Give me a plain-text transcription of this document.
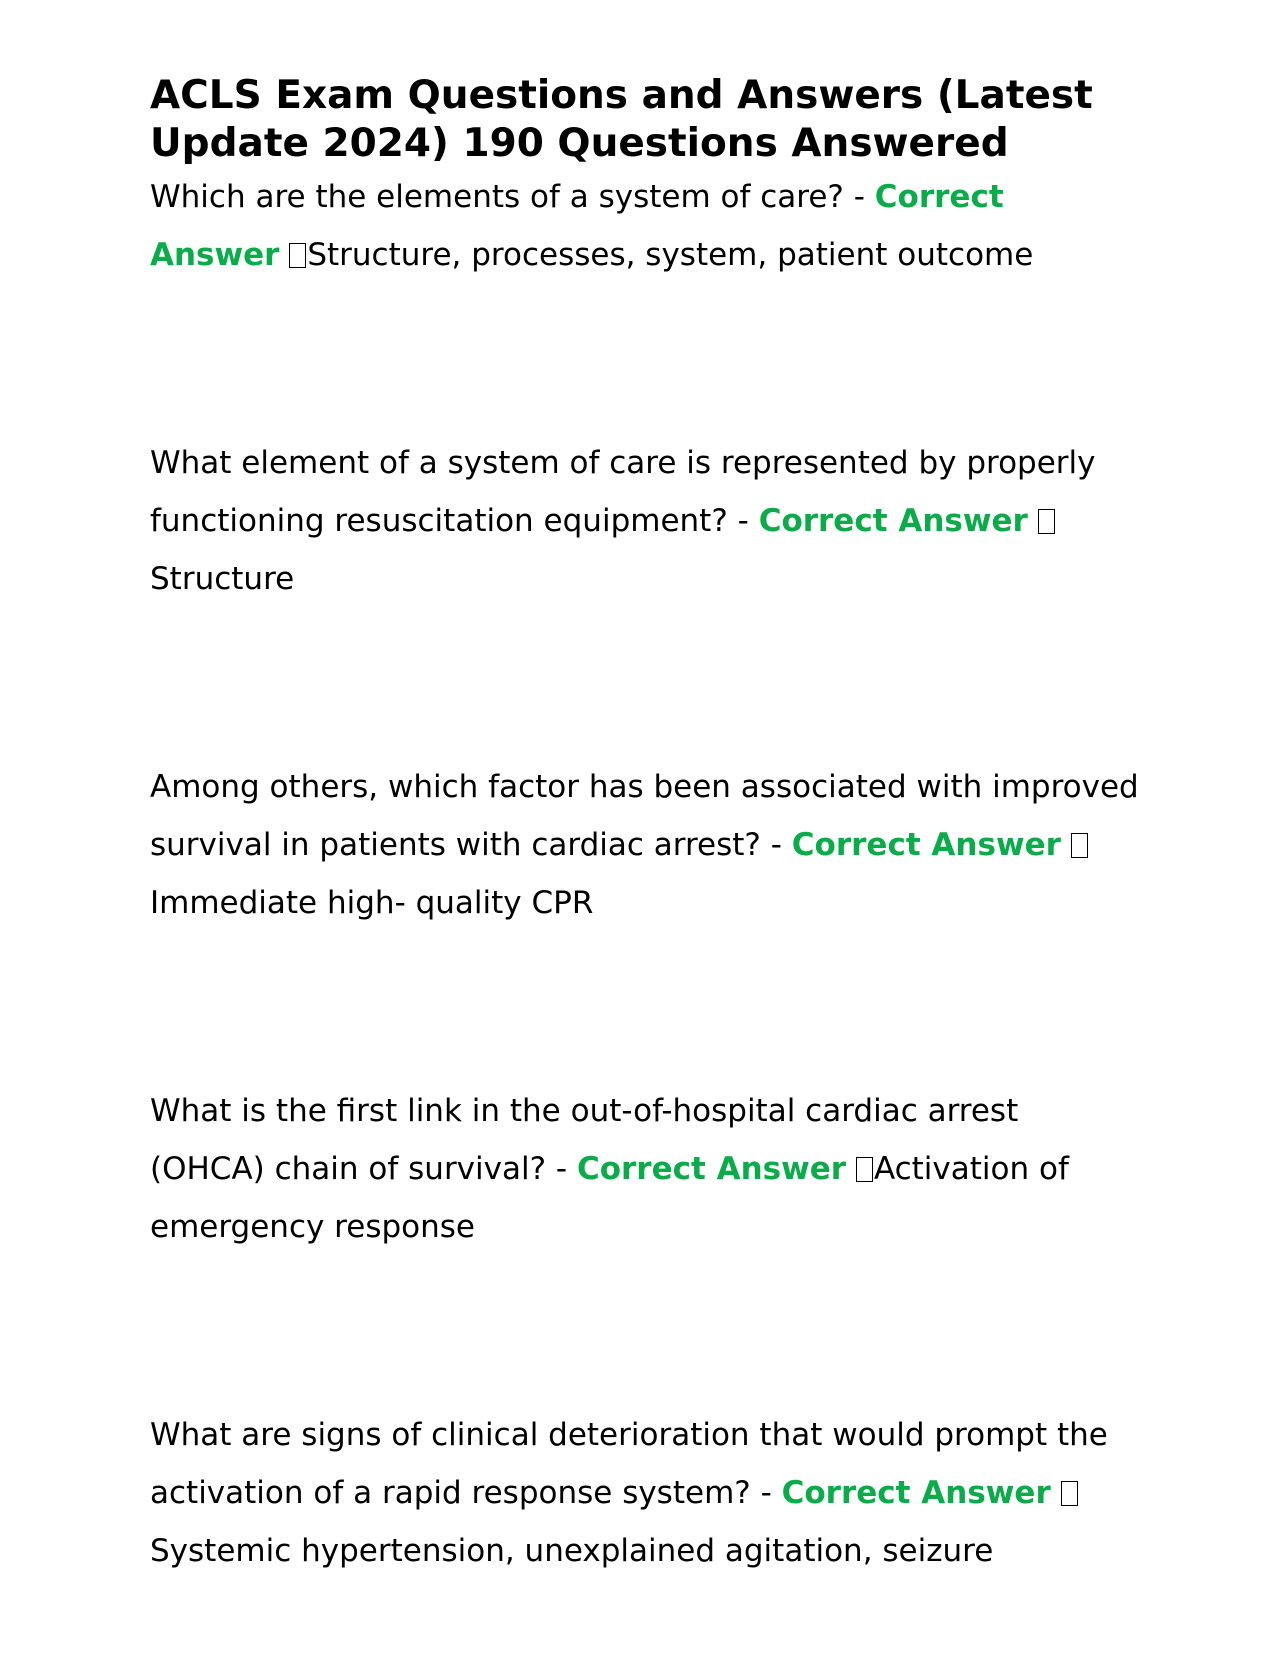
ACLS Exam Questions and Answers (Latest Update 2024) 190 Questions Answered

Which are the elements of a system of care? - Correct Answer Structure, processes, system, patient outcome

What element of a system of care is represented by properly functioning resuscitation equipment? - Correct Answer Structure

Among others, which factor has been associated with improved survival in patients with cardiac arrest? - Correct Answer Immediate high- quality CPR

What is the first link in the out-of-hospital cardiac arrest (OHCA) chain of survival? - Correct Answer Activation of emergency response

What are signs of clinical deterioration that would prompt the activation of a rapid response system? - Correct Answer Systemic hypertension, unexplained agitation, seizure
